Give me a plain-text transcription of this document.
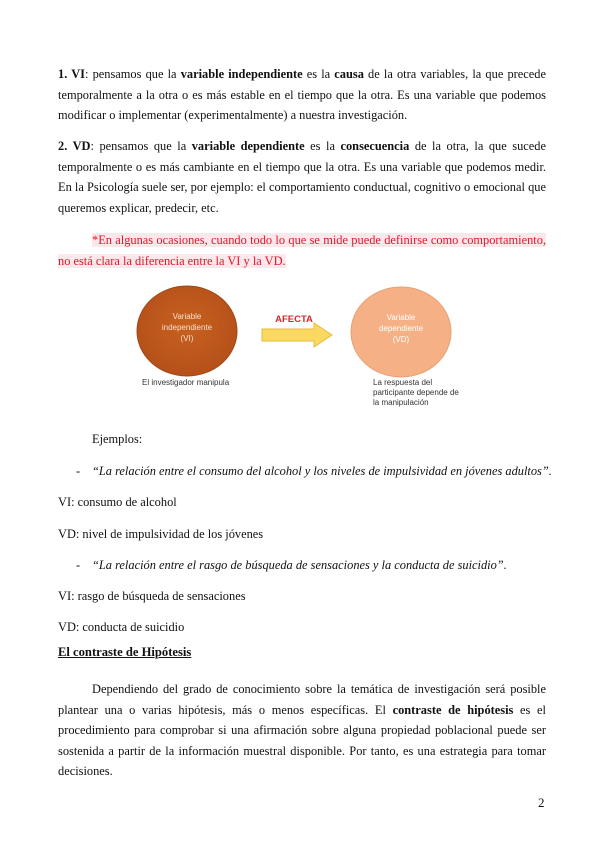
1. VI: pensamos que la variable independiente es la causa de la otra variables, la que precede temporalmente a la otra o es más estable en el tiempo que la otra. Es una variable que podemos modificar o implementar (experimentalmente) a nuestra investigación.

2. VD: pensamos que la variable dependiente es la consecuencia de la otra, la que sucede temporalmente o es más cambiante en el tiempo que la otra. Es una variable que podemos medir. En la Psicología suele ser, por ejemplo: el comportamiento conductual, cognitivo o emocional que queremos explicar, predecir, etc.

*En algunas ocasiones, cuando todo lo que se mide puede definirse como comportamiento, no está clara la diferencia entre la VI y la VD.

Variable
independiente
(VI)
AFECTA	Variable
dependiente
(VD)
El investigador manipula	La respuesta del
participante depende de
la manipulación

Ejemplos:

- “La relación entre el consumo del alcohol y los niveles de impulsividad en jóvenes adultos”.

VI: consumo de alcohol

VD: nivel de impulsividad de los jóvenes

- “La relación entre el rasgo de búsqueda de sensaciones y la conducta de suicidio”.

VI: rasgo de búsqueda de sensaciones

VD: conducta de suicidio

El contraste de Hipótesis

Dependiendo del grado de conocimiento sobre la temática de investigación será posible plantear una o varias hipótesis, más o menos específicas. El contraste de hipótesis es el procedimiento para comprobar si una afirmación sobre alguna propiedad poblacional puede ser sostenida a partir de la información muestral disponible. Por tanto, es una estrategia para tomar decisiones.

2
